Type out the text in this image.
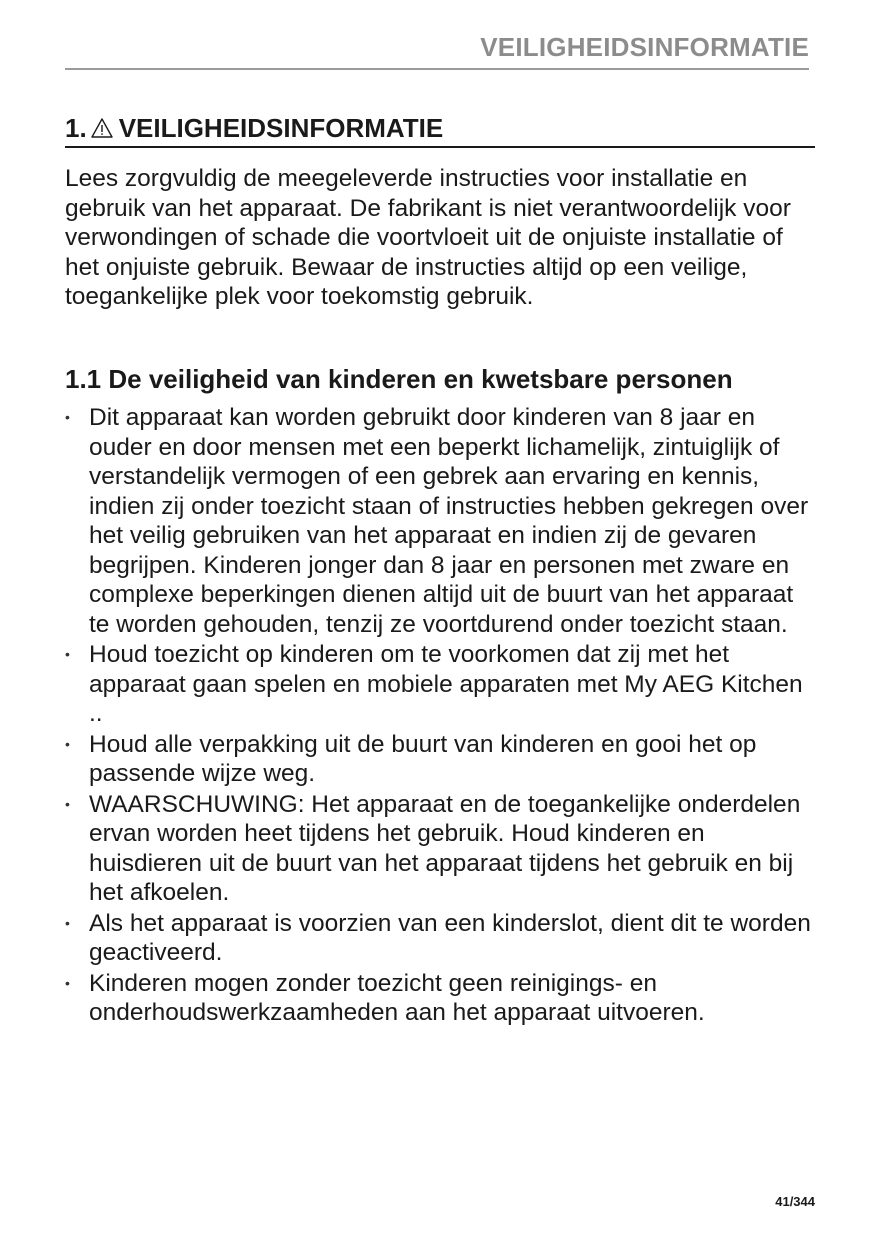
VEILIGHEIDSINFORMATIE
1. VEILIGHEIDSINFORMATIE

Lees zorgvuldig de meegeleverde instructies voor installatie en gebruik van het apparaat. De fabrikant is niet verantwoordelijk voor verwondingen of schade die voortvloeit uit de onjuiste installatie of het onjuiste gebruik. Bewaar de instructies altijd op een veilige, toegankelijke plek voor toekomstig gebruik.

1.1 De veiligheid van kinderen en kwetsbare personen
• Dit apparaat kan worden gebruikt door kinderen van 8 jaar en ouder en door mensen met een beperkt lichamelijk, zintuiglijk of verstandelijk vermogen of een gebrek aan ervaring en kennis, indien zij onder toezicht staan of instructies hebben gekregen over het veilig gebruiken van het apparaat en indien zij de gevaren begrijpen. Kinderen jonger dan 8 jaar en personen met zware en complexe beperkingen dienen altijd uit de buurt van het apparaat te worden gehouden, tenzij ze voortdurend onder toezicht staan.
• Houd toezicht op kinderen om te voorkomen dat zij met het apparaat gaan spelen en mobiele apparaten met My AEG Kitchen ..
• Houd alle verpakking uit de buurt van kinderen en gooi het op passende wijze weg.
• WAARSCHUWING: Het apparaat en de toegankelijke onderdelen ervan worden heet tijdens het gebruik. Houd kinderen en huisdieren uit de buurt van het apparaat tijdens het gebruik en bij het afkoelen.
• Als het apparaat is voorzien van een kinderslot, dient dit te worden geactiveerd.
• Kinderen mogen zonder toezicht geen reinigings- en onderhoudswerkzaamheden aan het apparaat uitvoeren.
41/344
